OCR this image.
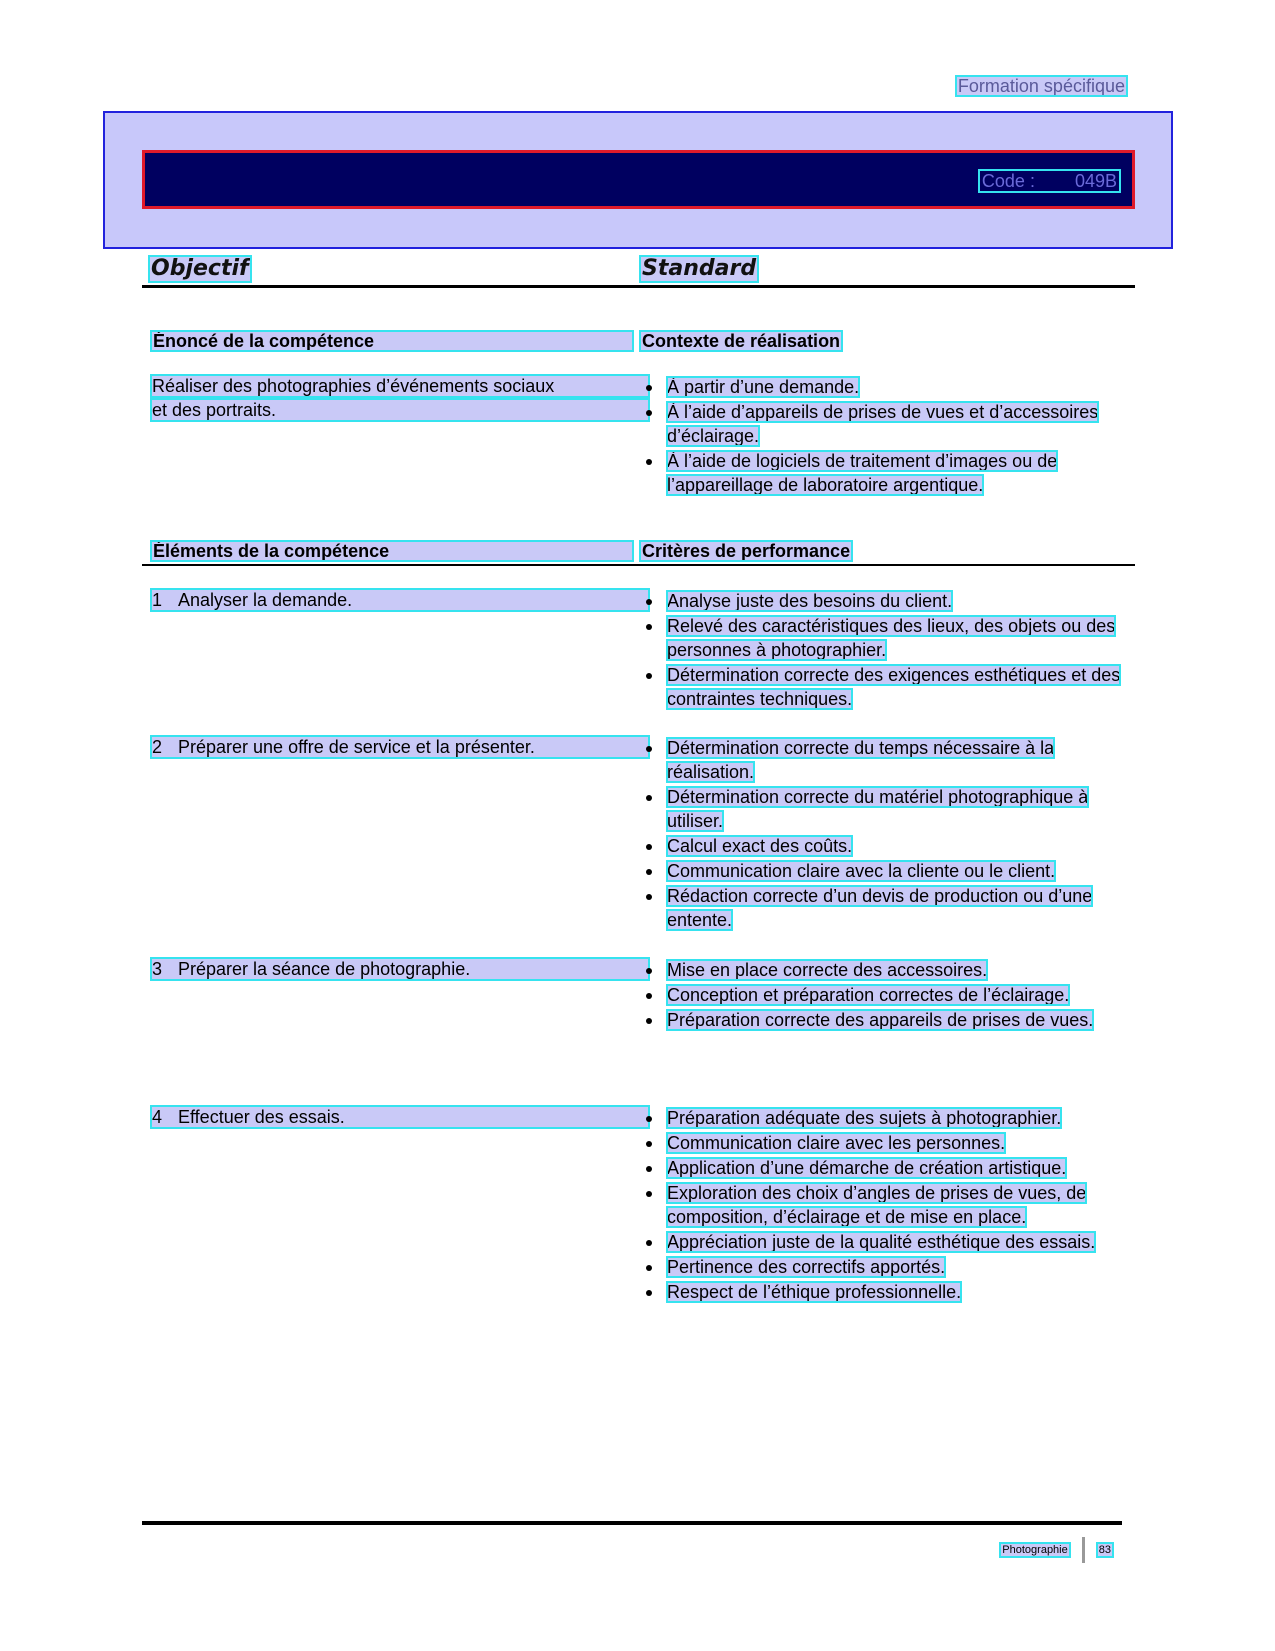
Formation spécifique
Code : 049B
Objectif	Standard
Énoncé de la compétence	Contexte de réalisation
Réaliser des photographies d’événements sociaux
et des portraits.
À partir d’une demande.
À l’aide d’appareils de prises de vues et d’accessoires d’éclairage.
À l’aide de logiciels de traitement d’images ou de l’appareillage de laboratoire argentique.
Éléments de la compétence	Critères de performance
1 Analyser la demande.	Analyse juste des besoins du client.
Relevé des caractéristiques des lieux, des objets ou des personnes à photographier.
Détermination correcte des exigences esthétiques et des contraintes techniques.
2 Préparer une offre de service et la présenter.	Détermination correcte du temps nécessaire à la réalisation.
Détermination correcte du matériel photographique à utiliser.
Calcul exact des coûts.
Communication claire avec la cliente ou le client.
Rédaction correcte d’un devis de production ou d’une entente.
3 Préparer la séance de photographie.	Mise en place correcte des accessoires.
Conception et préparation correctes de l’éclairage.
Préparation correcte des appareils de prises de vues.
4 Effectuer des essais.	Préparation adéquate des sujets à photographier.
Communication claire avec les personnes.
Application d’une démarche de création artistique.
Exploration des choix d’angles de prises de vues, de composition, d’éclairage et de mise en place.
Appréciation juste de la qualité esthétique des essais.
Pertinence des correctifs apportés.
Respect de l’éthique professionnelle.
Photographie	83
